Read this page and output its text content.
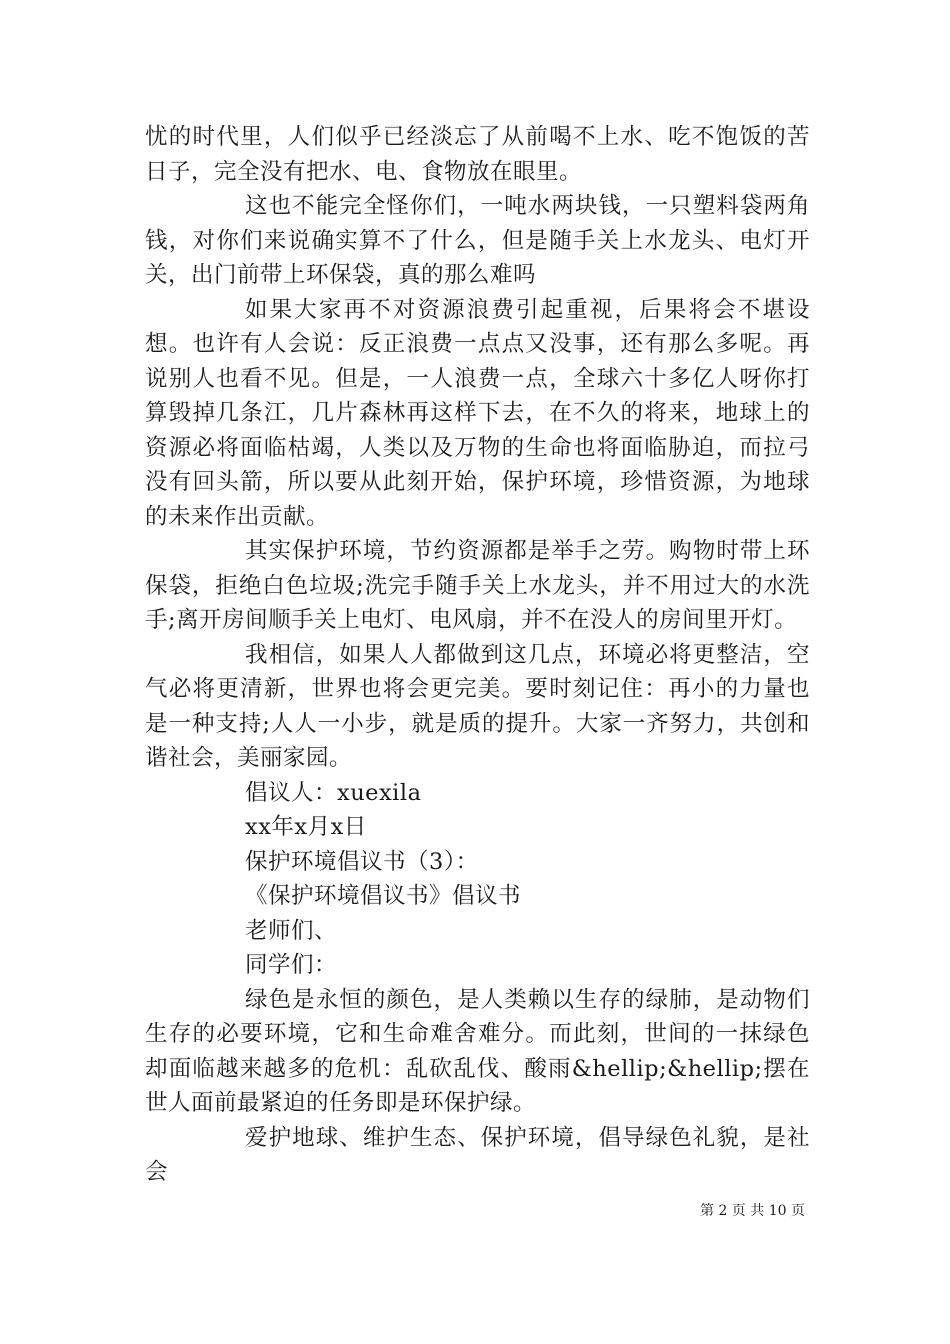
忧的时代里，人们似乎已经淡忘了从前喝不上水、吃不饱饭的苦日子，完全没有把水、电、食物放在眼里。

这也不能完全怪你们，一吨水两块钱，一只塑料袋两角钱，对你们来说确实算不了什么，但是随手关上水龙头、电灯开关，出门前带上环保袋，真的那么难吗

如果大家再不对资源浪费引起重视，后果将会不堪设想。也许有人会说：反正浪费一点点又没事，还有那么多呢。再说别人也看不见。但是，一人浪费一点，全球六十多亿人呀你打算毁掉几条江，几片森林再这样下去，在不久的将来，地球上的资源必将面临枯竭，人类以及万物的生命也将面临胁迫，而拉弓没有回头箭，所以要从此刻开始，保护环境，珍惜资源，为地球的未来作出贡献。

其实保护环境，节约资源都是举手之劳。购物时带上环保袋，拒绝白色垃圾;洗完手随手关上水龙头，并不用过大的水洗手;离开房间顺手关上电灯、电风扇，并不在没人的房间里开灯。

我相信，如果人人都做到这几点，环境必将更整洁，空气必将更清新，世界也将会更完美。要时刻记住：再小的力量也是一种支持;人人一小步，就是质的提升。大家一齐努力，共创和谐社会，美丽家园。

倡议人：xuexila

xx年x月x日

保护环境倡议书（3）：

《保护环境倡议书》倡议书

老师们、

同学们：

绿色是永恒的颜色，是人类赖以生存的绿肺，是动物们生存的必要环境，它和生命难舍难分。而此刻，世间的一抹绿色却面临越来越多的危机：乱砍乱伐、酸雨&hellip;&hellip;摆在世人面前最紧迫的任务即是环保护绿。

爱护地球、维护生态、保护环境，倡导绿色礼貌，是社会

第 2 页 共 10 页
